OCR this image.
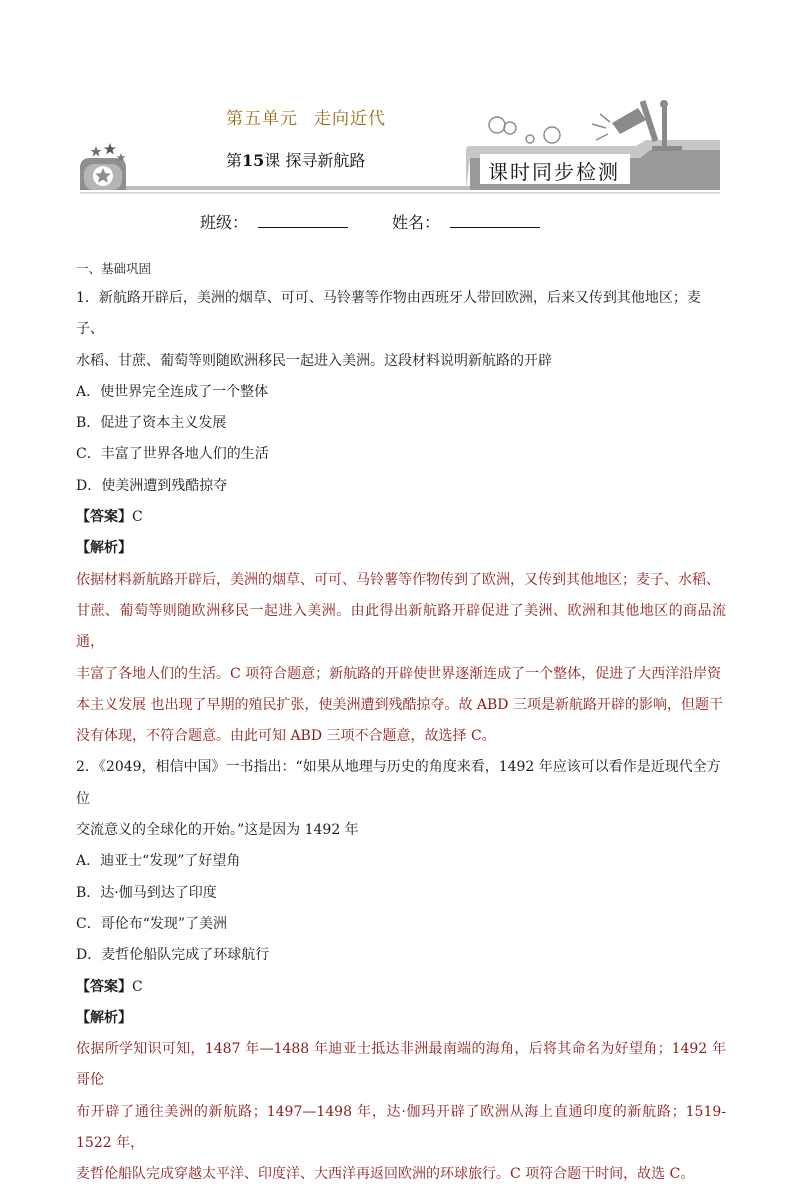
第五单元 走向近代
第15课 探寻新航路	课时同步检测
班级：	姓名：
一、基础巩固

1．新航路开辟后，美洲的烟草、可可、马铃薯等作物由西班牙人带回欧洲，后来又传到其他地区；麦子、

水稻、甘蔗、葡萄等则随欧洲移民一起进入美洲。这段材料说明新航路的开辟

A．使世界完全连成了一个整体

B．促进了资本主义发展

C．丰富了世界各地人们的生活

D．使美洲遭到残酷掠夺

【答案】C

【解析】

依据材料新航路开辟后，美洲的烟草、可可、马铃薯等作物传到了欧洲，又传到其他地区；麦子、水稻、

甘蔗、葡萄等则随欧洲移民一起进入美洲。由此得出新航路开辟促进了美洲、欧洲和其他地区的商品流通，

丰富了各地人们的生活。C 项符合题意；新航路的开辟使世界逐渐连成了一个整体，促进了大西洋沿岸资

本主义发展 也出现了早期的殖民扩张，使美洲遭到残酷掠夺。故 ABD 三项是新航路开辟的影响，但题干

没有体现，不符合题意。由此可知 ABD 三项不合题意，故选择 C。

2．《2049，相信中国》一书指出：“如果从地理与历史的角度来看，1492 年应该可以看作是近现代全方位

交流意义的全球化的开始。”这是因为 1492 年

A．迪亚士“发现”了好望角

B．达·伽马到达了印度

C．哥伦布“发现”了美洲

D．麦哲伦船队完成了环球航行

【答案】C

【解析】

依据所学知识可知，1487 年—1488 年迪亚士抵达非洲最南端的海角，后将其命名为好望角；1492 年哥伦

布开辟了通往美洲的新航路；1497—1498 年，达·伽玛开辟了欧洲从海上直通印度的新航路；1519-1522 年，

麦哲伦船队完成穿越太平洋、印度洋、大西洋再返回欧洲的环球旅行。C 项符合题干时间，故选 C。
